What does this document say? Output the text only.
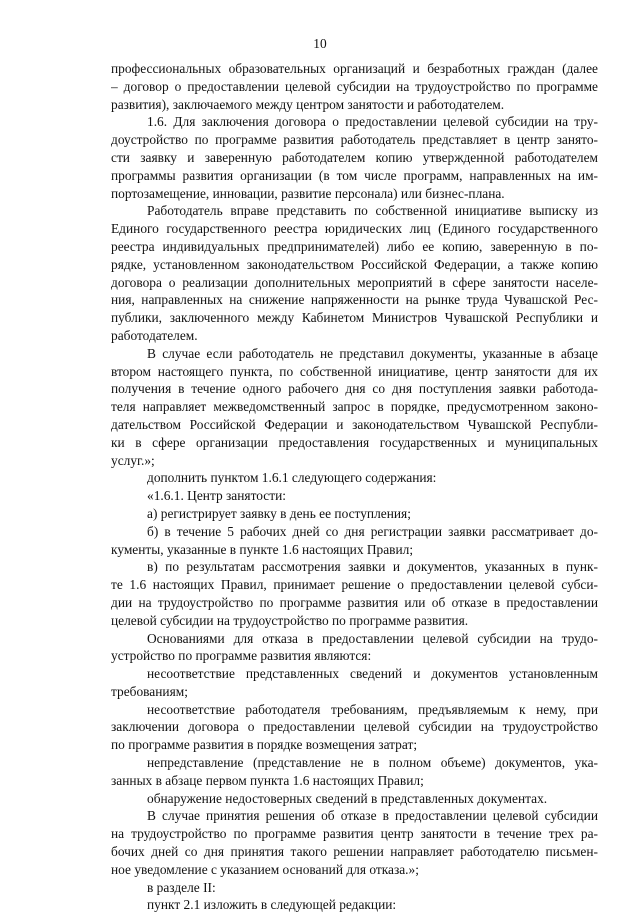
10
профессиональных образовательных организаций и безработных граждан (далее
– договор о предоставлении целевой субсидии на трудоустройство по программе
развития), заключаемого между центром занятости и работодателем.
1.6. Для заключения договора о предоставлении целевой субсидии на тру-
доустройство по программе развития работодатель представляет в центр занято-
сти заявку и заверенную работодателем копию утвержденной работодателем
программы развития организации (в том числе программ, направленных на им-
портозамещение, инновации, развитие персонала) или бизнес-плана.
Работодатель вправе представить по собственной инициативе выписку из
Единого государственного реестра юридических лиц (Единого государственного
реестра индивидуальных предпринимателей) либо ее копию, заверенную в по-
рядке, установленном законодательством Российской Федерации, а также копию
договора о реализации дополнительных мероприятий в сфере занятости населе-
ния, направленных на снижение напряженности на рынке труда Чувашской Рес-
публики, заключенного между Кабинетом Министров Чувашской Республики и
работодателем.
В случае если работодатель не представил документы, указанные в абзаце
втором настоящего пункта, по собственной инициативе, центр занятости для их
получения в течение одного рабочего дня со дня поступления заявки работода-
теля направляет межведомственный запрос в порядке, предусмотренном законо-
дательством Российской Федерации и законодательством Чувашской Республи-
ки в сфере организации предоставления государственных и муниципальных
услуг.»;
дополнить пунктом 1.6.1 следующего содержания:
«1.6.1. Центр занятости:
а) регистрирует заявку в день ее поступления;
б) в течение 5 рабочих дней со дня регистрации заявки рассматривает до-
кументы, указанные в пункте 1.6 настоящих Правил;
в) по результатам рассмотрения заявки и документов, указанных в пунк-
те 1.6 настоящих Правил, принимает решение о предоставлении целевой субси-
дии на трудоустройство по программе развития или об отказе в предоставлении
целевой субсидии на трудоустройство по программе развития.
Основаниями для отказа в предоставлении целевой субсидии на трудо-
устройство по программе развития являются:
несоответствие представленных сведений и документов установленным
требованиям;
несоответствие работодателя требованиям, предъявляемым к нему, при
заключении договора о предоставлении целевой субсидии на трудоустройство
по программе развития в порядке возмещения затрат;
непредставление (представление не в полном объеме) документов, ука-
занных в абзаце первом пункта 1.6 настоящих Правил;
обнаружение недостоверных сведений в представленных документах.
В случае принятия решения об отказе в предоставлении целевой субсидии
на трудоустройство по программе развития центр занятости в течение трех ра-
бочих дней со дня принятия такого решении направляет работодателю письмен-
ное уведомление с указанием оснований для отказа.»;
в разделе II:
пункт 2.1 изложить в следующей редакции:
